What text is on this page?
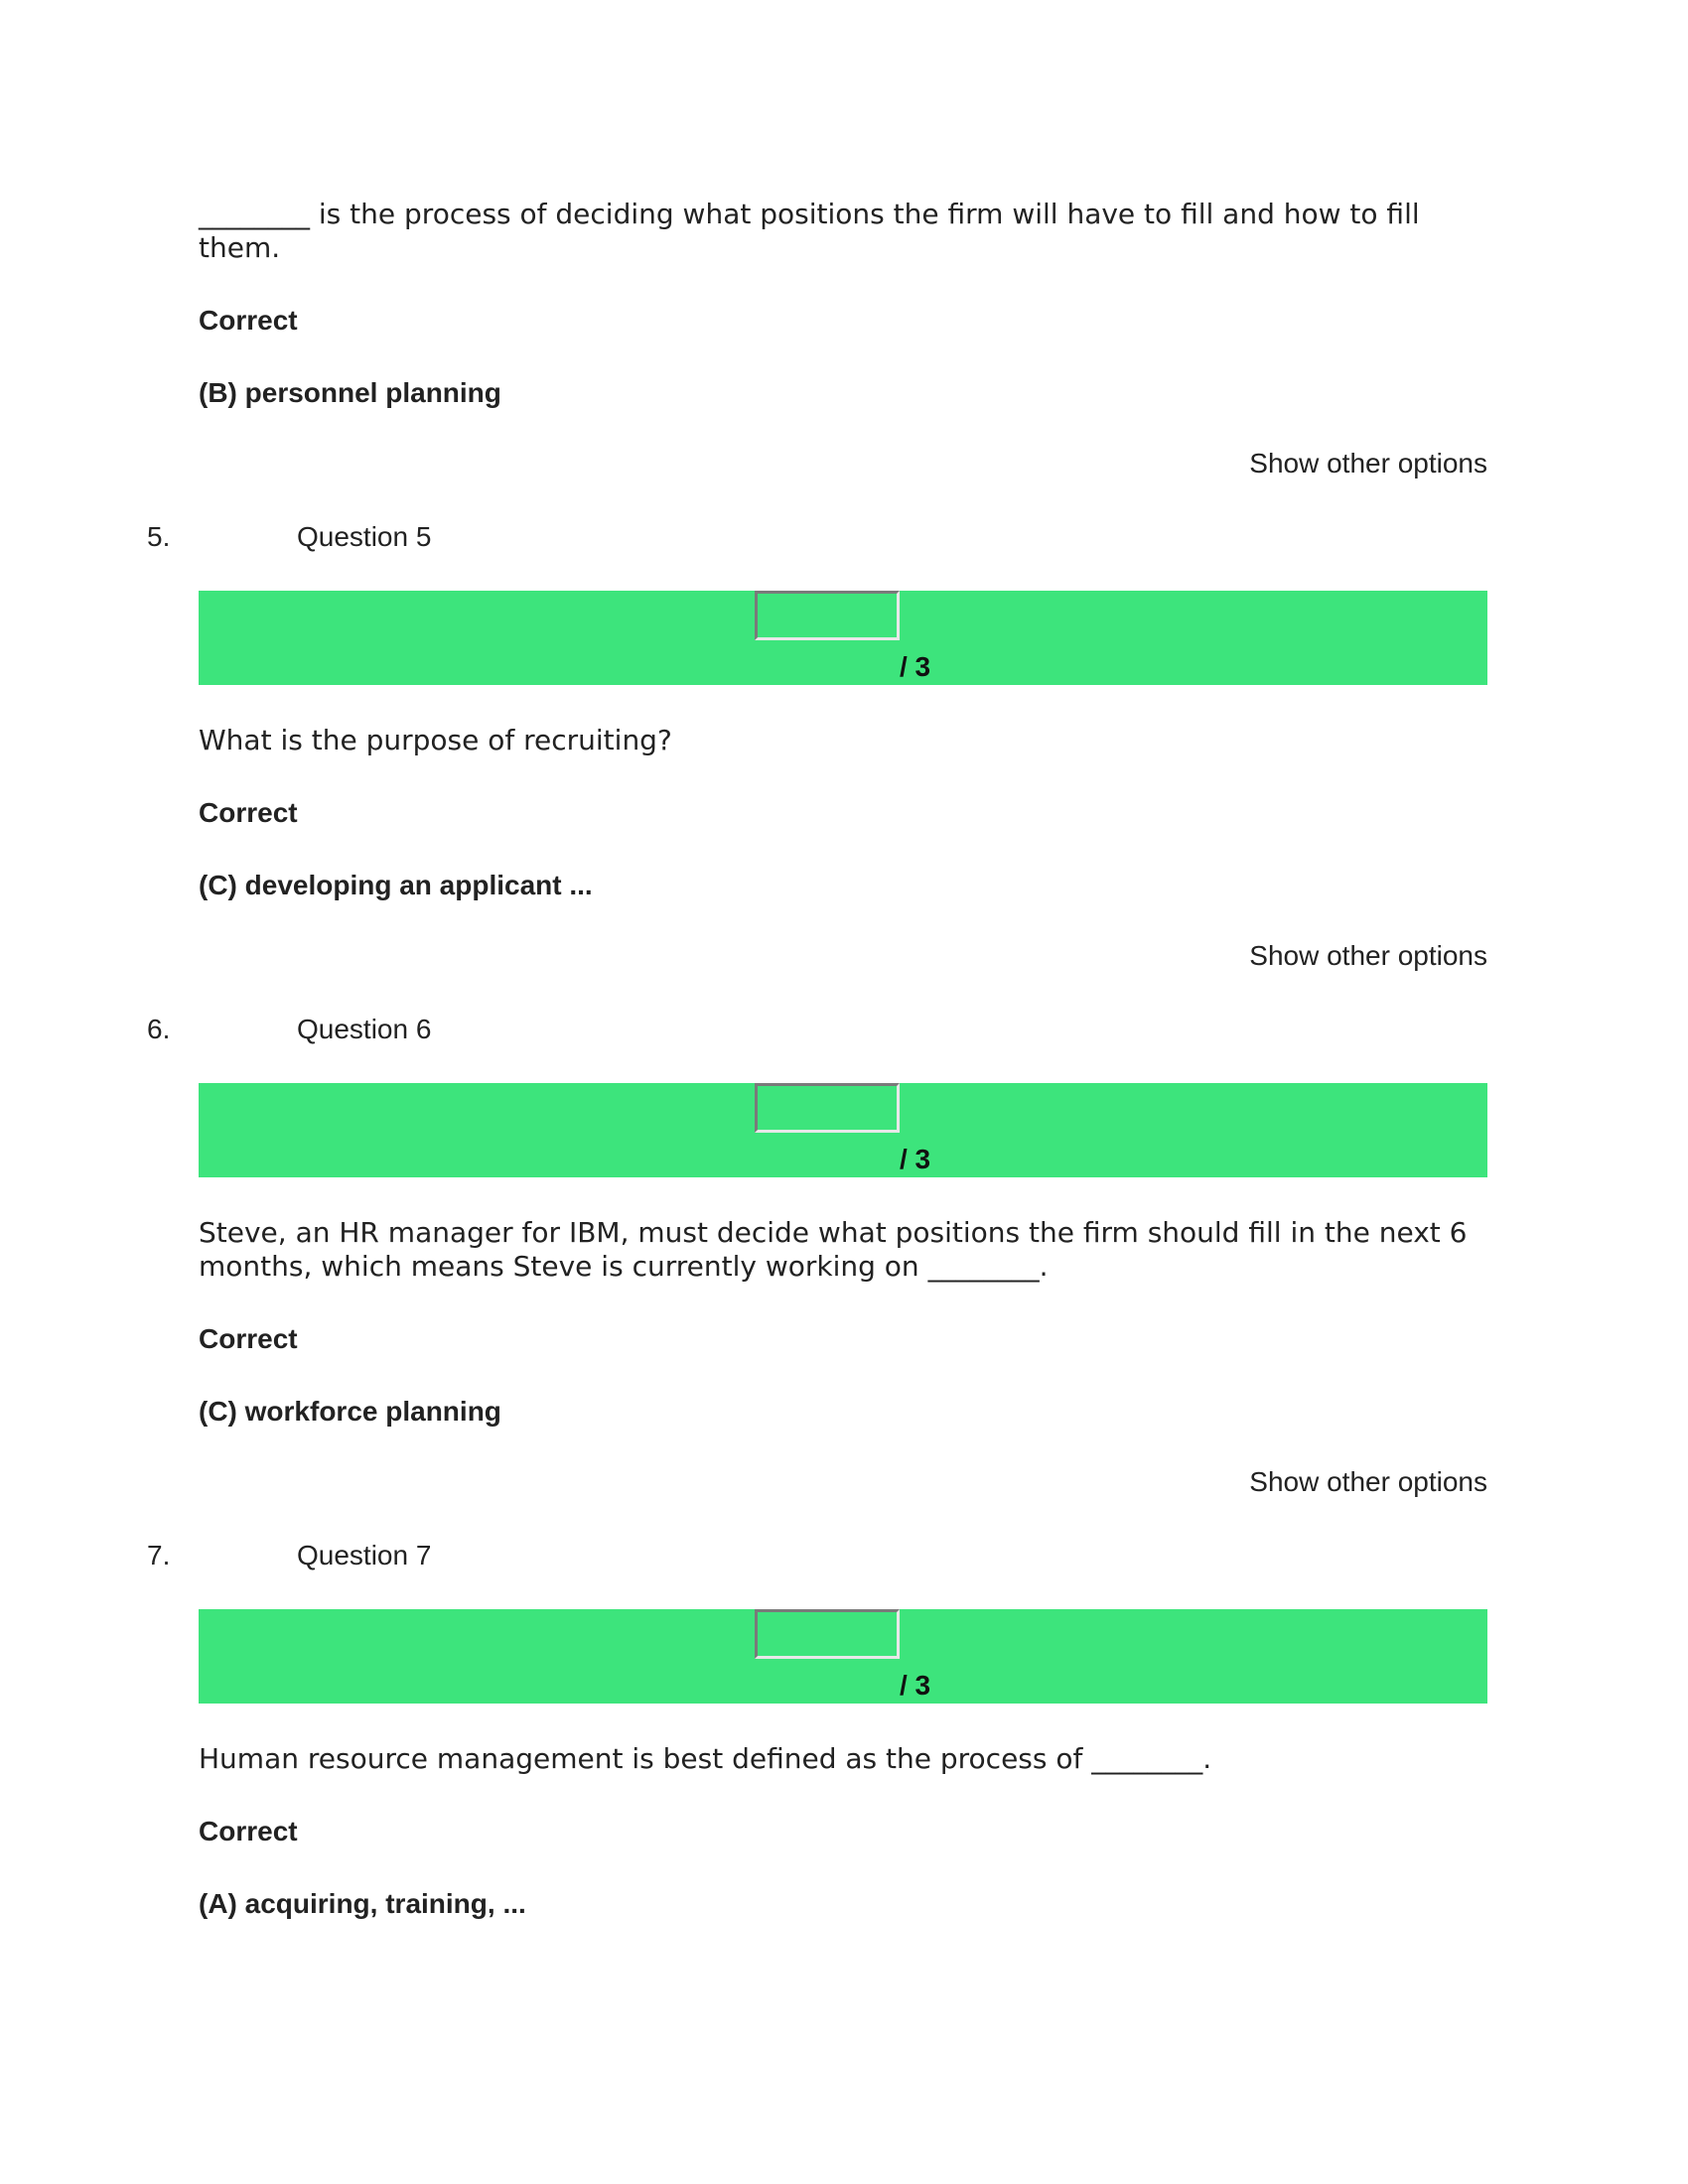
________ is the process of deciding what positions the firm will have to fill and how to fill them.
Correct
(B) personnel planning
Show other options
5.	Question 5
/ 3
What is the purpose of recruiting?
Correct
(C) developing an applicant ...
Show other options
6.	Question 6
/ 3
Steve, an HR manager for IBM, must decide what positions the firm should fill in the next 6 months, which means Steve is currently working on ________.
Correct
(C) workforce planning
Show other options
7.	Question 7
/ 3
Human resource management is best defined as the process of ________.
Correct
(A) acquiring, training, ...
